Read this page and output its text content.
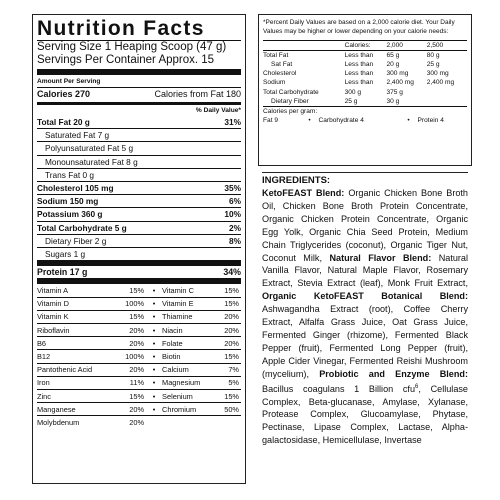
Nutrition Facts
Serving Size 1 Heaping Scoop (47 g)
Servings Per Container Approx. 15
Amount Per Serving
Calories 270	Calories from Fat 180
% Daily Value*
Total Fat 20 g	31%
Saturated Fat 7 g
Polyunsaturated Fat 5 g
Monounsaturated Fat 8 g
Trans Fat 0 g
Cholesterol 105 mg	35%
Sodium 150 mg	6%
Potassium 360 g	10%
Total Carbohydrate 5 g	2%
Dietary Fiber 2 g	8%
Sugars 1 g
Protein 17 g	34%
Vitamin A	15%	•	Vitamin C	15%
Vitamin D	100%	•	Vitamin E	15%
Vitamin K	15%	•	Thiamine	20%
Riboflavin	20%	•	Niacin	20%
B6	20%	•	Folate	20%
B12	100%	•	Biotin	15%
Pantothenic Acid	20%	•	Calcium	7%
Iron	11%	•	Magnesium	5%
Zinc	15%	•	Selenium	15%
Manganese	20%	•	Chromium	50%
Molybdenum	20%			
*Percent Daily Values are based on a 2,000 calorie diet. Your Daily Values may be higher or lower depending on your calorie needs:
	Calories:	2,000	2,500
Total Fat	Less than	65 g	80 g
Sat Fat	Less than	20 g	25 g
Cholesterol	Less than	300 mg	300 mg
Sodium	Less than	2,400 mg	2,400 mg
Total Carbohydrate	300 g	375 g	
Dietary Fiber	25 g	30 g	
Calories per gram:
Fat 9	•	Carbohydrate 4	•	Protein 4
INGREDIENTS:

KetoFEAST Blend: Organic Chicken Bone Broth Oil, Chicken Bone Broth Protein Concentrate, Organic Chicken Protein Concentrate, Organic Egg Yolk, Organic Chia Seed Protein, Medium Chain Triglycerides (coconut), Organic Tiger Nut, Coconut Milk, Natural Flavor Blend: Natural Vanilla Flavor, Natural Maple Flavor, Rosemary Extract, Stevia Extract (leaf), Monk Fruit Extract, Organic KetoFEAST Botanical Blend: Ashwagandha Extract (root), Coffee Cherry Extract, Alfalfa Grass Juice, Oat Grass Juice, Fermented Ginger (rhizome), Fermented Black Pepper (fruit), Fermented Long Pepper (fruit), Apple Cider Vinegar, Fermented Reishi Mushroom (mycelium), Probiotic and Enzyme Blend: Bacillus coagulans 1 Billion cfu$^6$, Cellulase Complex, Beta-glucanase, Amylase, Xylanase, Protease Complex, Glucoamylase, Phytase, Pectinase, Lipase Complex, Lactase, Alpha-galactosidase, Hemicellulase, Invertase
